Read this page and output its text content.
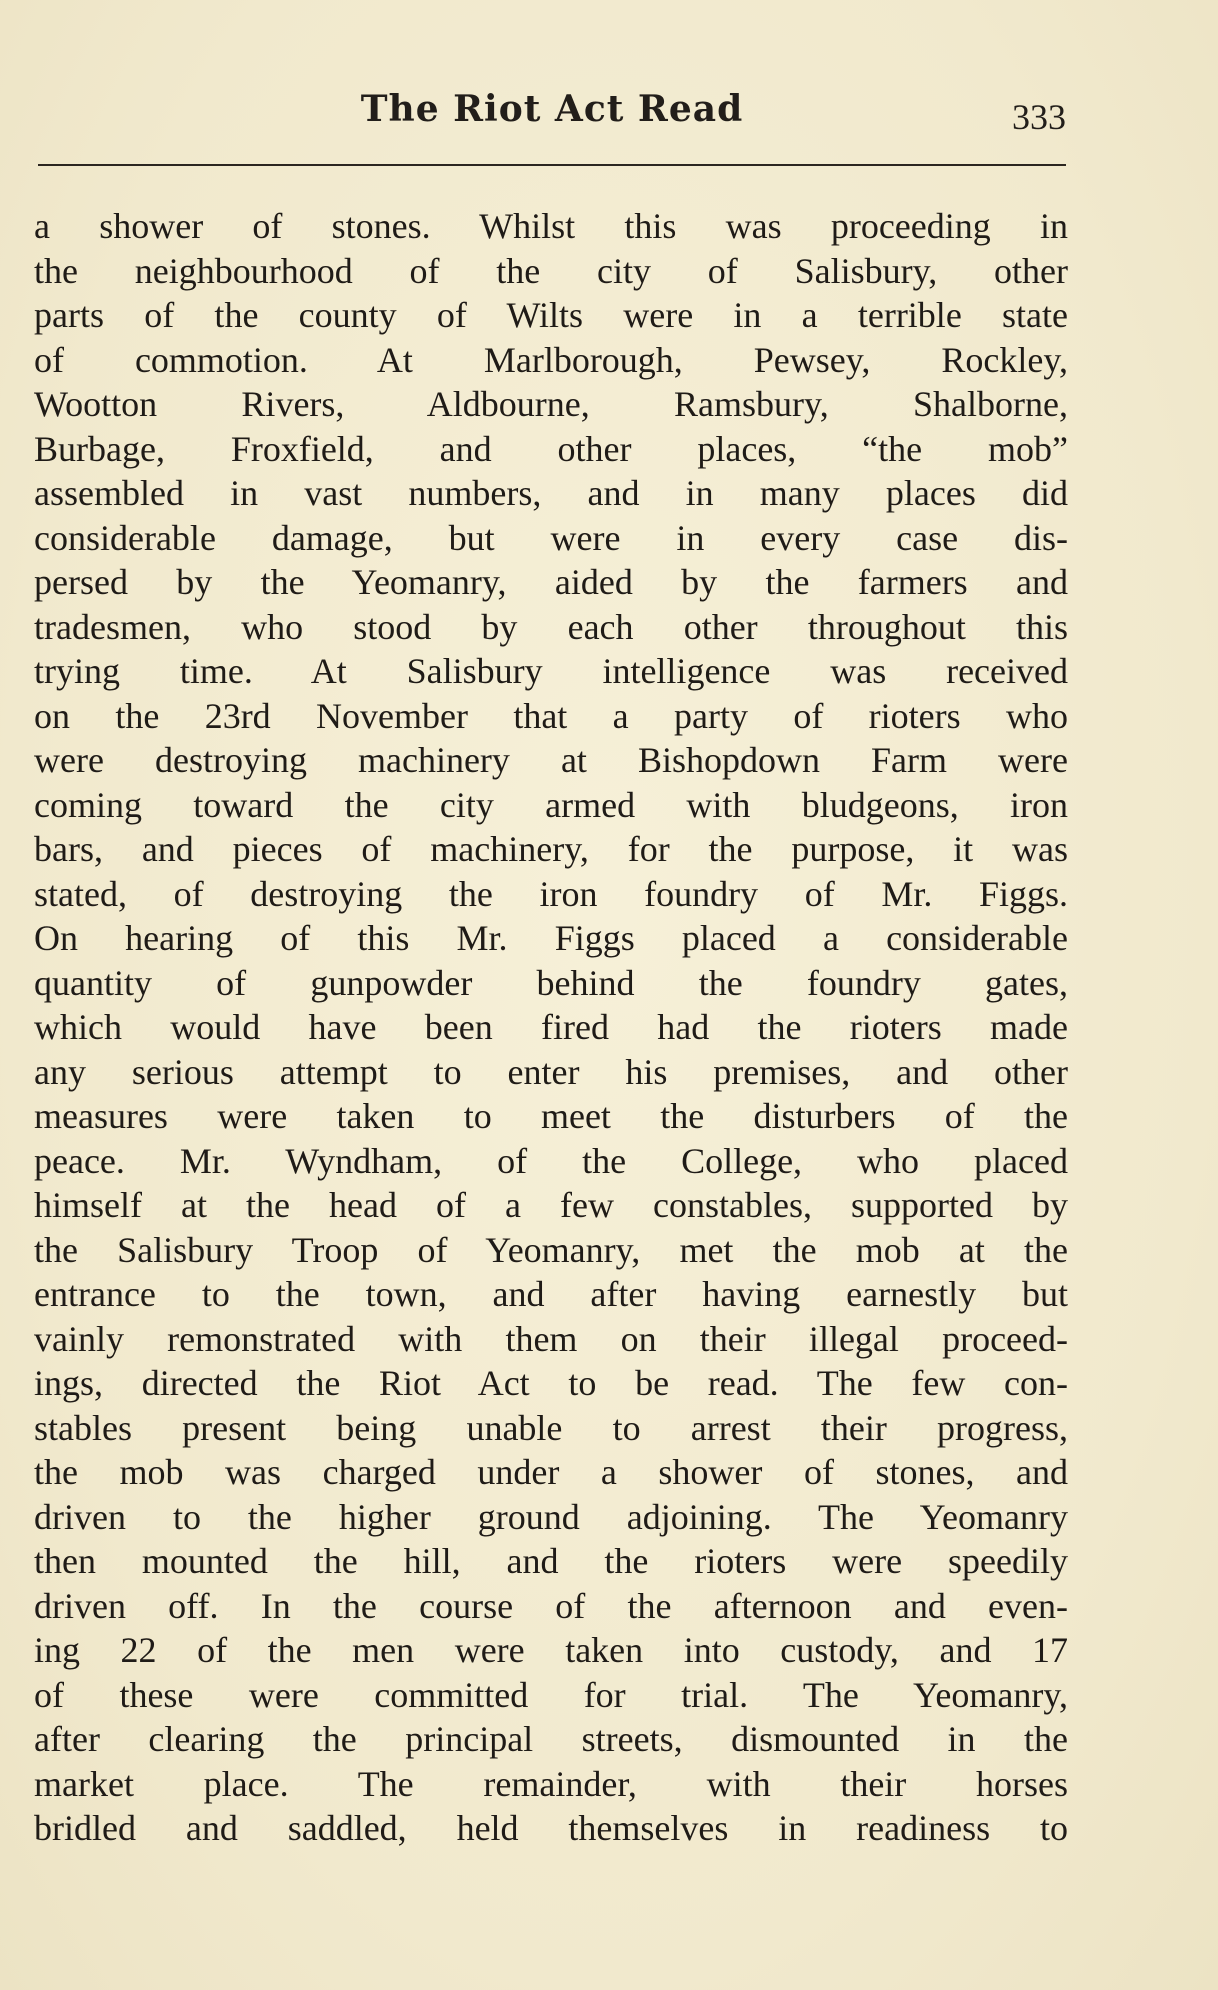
The Riot Act Read	333
a shower of stones. Whilst this was proceeding in
the neighbourhood of the city of Salisbury, other
parts of the county of Wilts were in a terrible state
of commotion. At Marlborough, Pewsey, Rockley,
Wootton Rivers, Aldbourne, Ramsbury, Shalborne,
Burbage, Froxfield, and other places, “the mob”
assembled in vast numbers, and in many places did
considerable damage, but were in every case dis-
persed by the Yeomanry, aided by the farmers and
tradesmen, who stood by each other throughout this
trying time. At Salisbury intelligence was received
on the 23rd November that a party of rioters who
were destroying machinery at Bishopdown Farm were
coming toward the city armed with bludgeons, iron
bars, and pieces of machinery, for the purpose, it was
stated, of destroying the iron foundry of Mr. Figgs.
On hearing of this Mr. Figgs placed a considerable
quantity of gunpowder behind the foundry gates,
which would have been fired had the rioters made
any serious attempt to enter his premises, and other
measures were taken to meet the disturbers of the
peace. Mr. Wyndham, of the College, who placed
himself at the head of a few constables, supported by
the Salisbury Troop of Yeomanry, met the mob at the
entrance to the town, and after having earnestly but
vainly remonstrated with them on their illegal proceed-
ings, directed the Riot Act to be read. The few con-
stables present being unable to arrest their progress,
the mob was charged under a shower of stones, and
driven to the higher ground adjoining. The Yeomanry
then mounted the hill, and the rioters were speedily
driven off. In the course of the afternoon and even-
ing 22 of the men were taken into custody, and 17
of these were committed for trial. The Yeomanry,
after clearing the principal streets, dismounted in the
market place. The remainder, with their horses
bridled and saddled, held themselves in readiness to
